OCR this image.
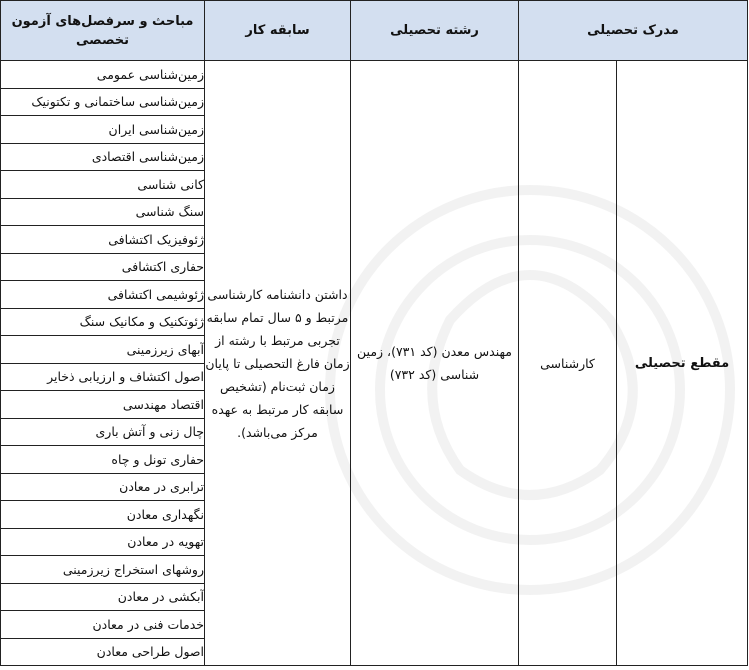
مدرک تحصیلی		رشته تحصیلی	سابقه کار	مباحث و سرفصل‌های آزمون
تخصصی

مقطع تحصیلی	کارشناسی	مهندس معدن (کد ۷۳۱)، زمین شناسی (کد ۷۳۲)	داشتن دانشنامه کارشناسی مرتبط و ۵ سال تمام سابقه تجربی مرتبط با رشته از زمان فارغ التحصیلی تا پایان زمان ثبت‌نام (تشخیص سابقه کار مرتبط به عهده مرکز می‌باشد).	زمین‌شناسی عمومی
				زمین‌شناسی ساختمانی و تکتونیک
				زمین‌شناسی ایران
				زمین‌شناسی اقتصادی
				کانی شناسی
				سنگ شناسی
				ژئوفیزیک اکتشافی
				حفاری اکتشافی
				ژئوشیمی اکتشافی
				ژئوتکنیک و مکانیک سنگ
				آبهای زیرزمینی
				اصول اکتشاف و ارزیابی ذخایر
				اقتصاد مهندسی
				چال زنی و آتش باری
				حفاری تونل و چاه
				ترابری در معادن
				نگهداری معادن
				تهویه در معادن
				روشهای استخراج زیرزمینی
				آبکشی در معادن
				خدمات فنی در معادن
				اصول طراحی معادن
